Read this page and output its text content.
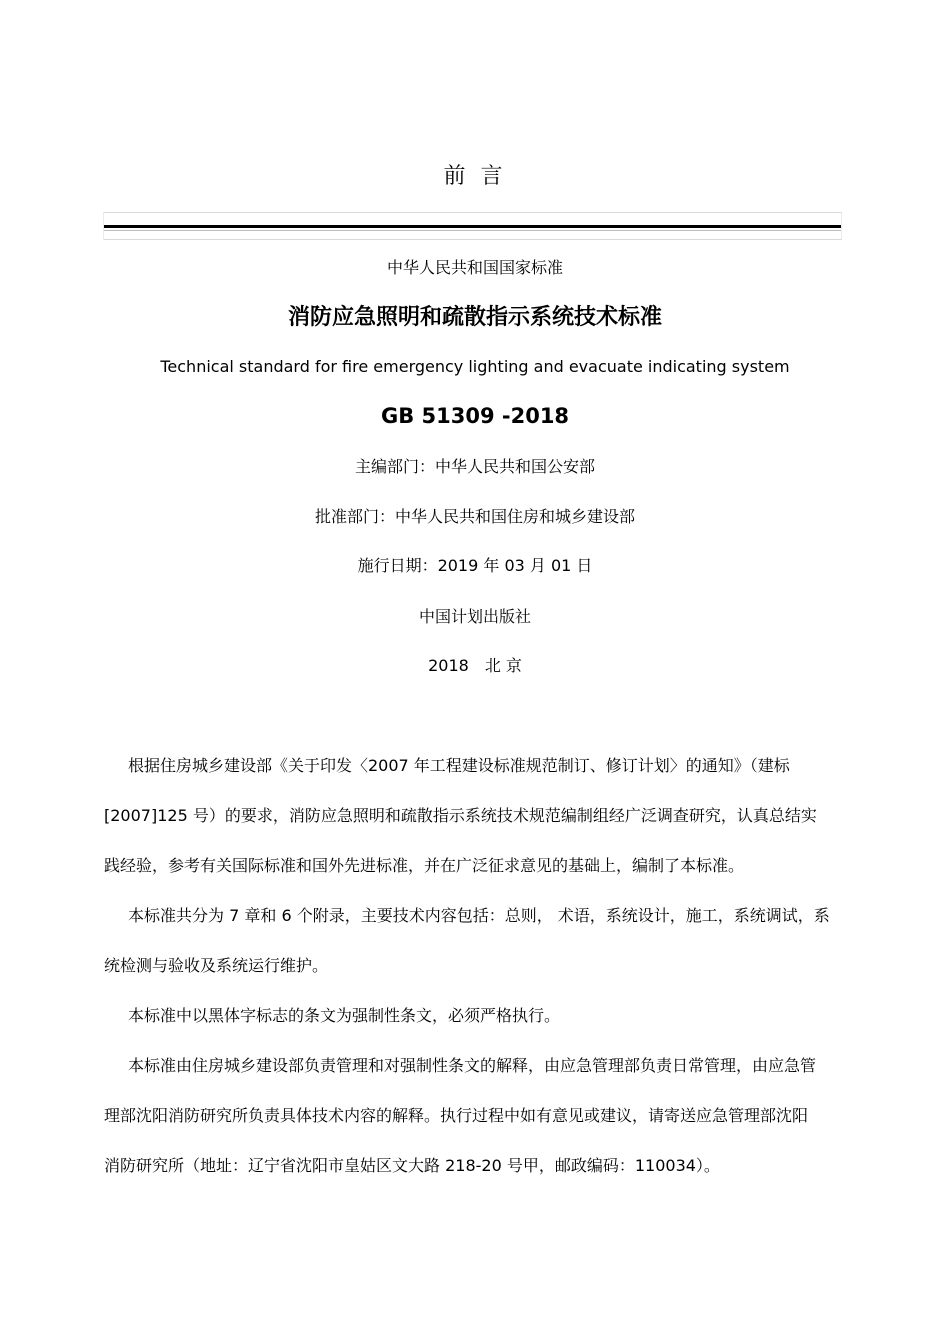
前 言
中华人民共和国国家标准
消防应急照明和疏散指示系统技术标准
Technical standard for fire emergency lighting and evacuate indicating system
GB 51309 -2018
主编部门：中华人民共和国公安部
批准部门：中华人民共和国住房和城乡建设部
施行日期：2019 年 03 月 01 日
中国计划出版社
2018　北 京
根据住房城乡建设部《关于印发〈2007 年工程建设标准规范制订、修订计划〉的通知》（建标
[2007]125 号）的要求，消防应急照明和疏散指示系统技术规范编制组经广泛调查研究，认真总结实
践经验，参考有关国际标准和国外先进标准，并在广泛征求意见的基础上，编制了本标准。
本标准共分为 7 章和 6 个附录，主要技术内容包括：总则， 术语，系统设计，施工，系统调试，系
统检测与验收及系统运行维护。
本标准中以黑体字标志的条文为强制性条文，必须严格执行。
本标准由住房城乡建设部负责管理和对强制性条文的解释，由应急管理部负责日常管理，由应急管
理部沈阳消防研究所负责具体技术内容的解释。执行过程中如有意见或建议，请寄送应急管理部沈阳
消防研究所（地址：辽宁省沈阳市皇姑区文大路 218-20 号甲，邮政编码：110034）。
